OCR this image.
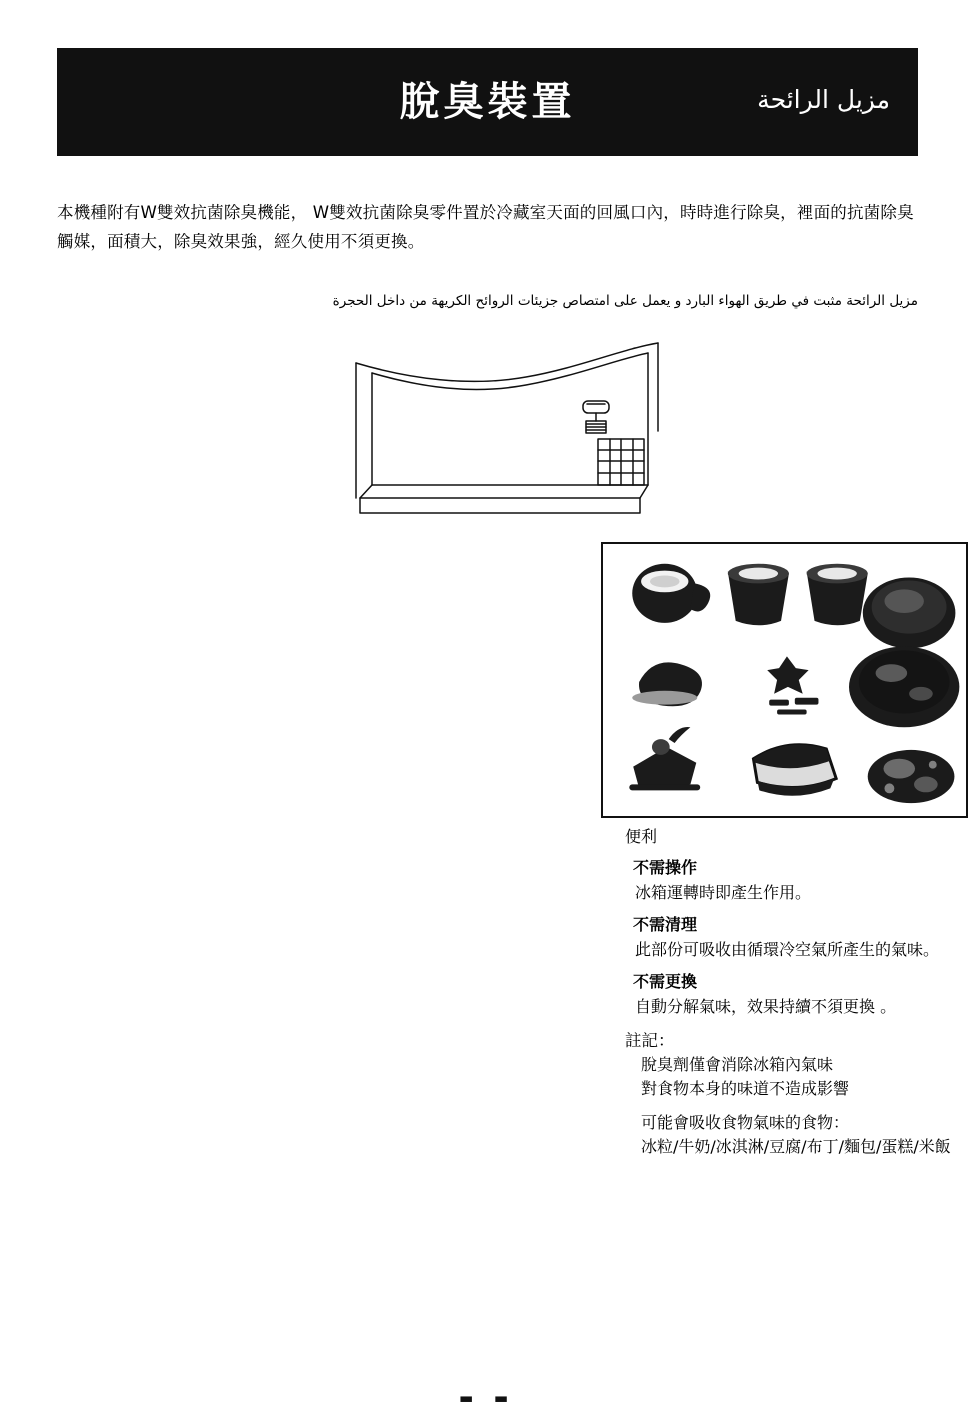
脫臭裝置	مزيل الرائحة
本機種附有W雙效抗菌除臭機能， W雙效抗菌除臭零件置於冷藏室天面的回風口內，時時進行除臭，裡面的抗菌除臭觸媒，面積大，除臭效果強，經久使用不須更換。
مزيل الرائحة مثبت في طريق الهواء البارد و يعمل على امتصاص جزيئات الروائح الكريهة من داخل الحجرة
便利
不需操作
冰箱運轉時即產生作用。
不需清理
此部份可吸收由循環冷空氣所產生的氣味。
不需更換
自動分解氣味，效果持續不須更換 。
註記：
脫臭劑僅會消除冰箱內氣味
對食物本身的味道不造成影響
可能會吸收食物氣味的食物：
冰粒/牛奶/冰淇淋/豆腐/布丁/麵包/蛋糕/米飯
▬ ▬
